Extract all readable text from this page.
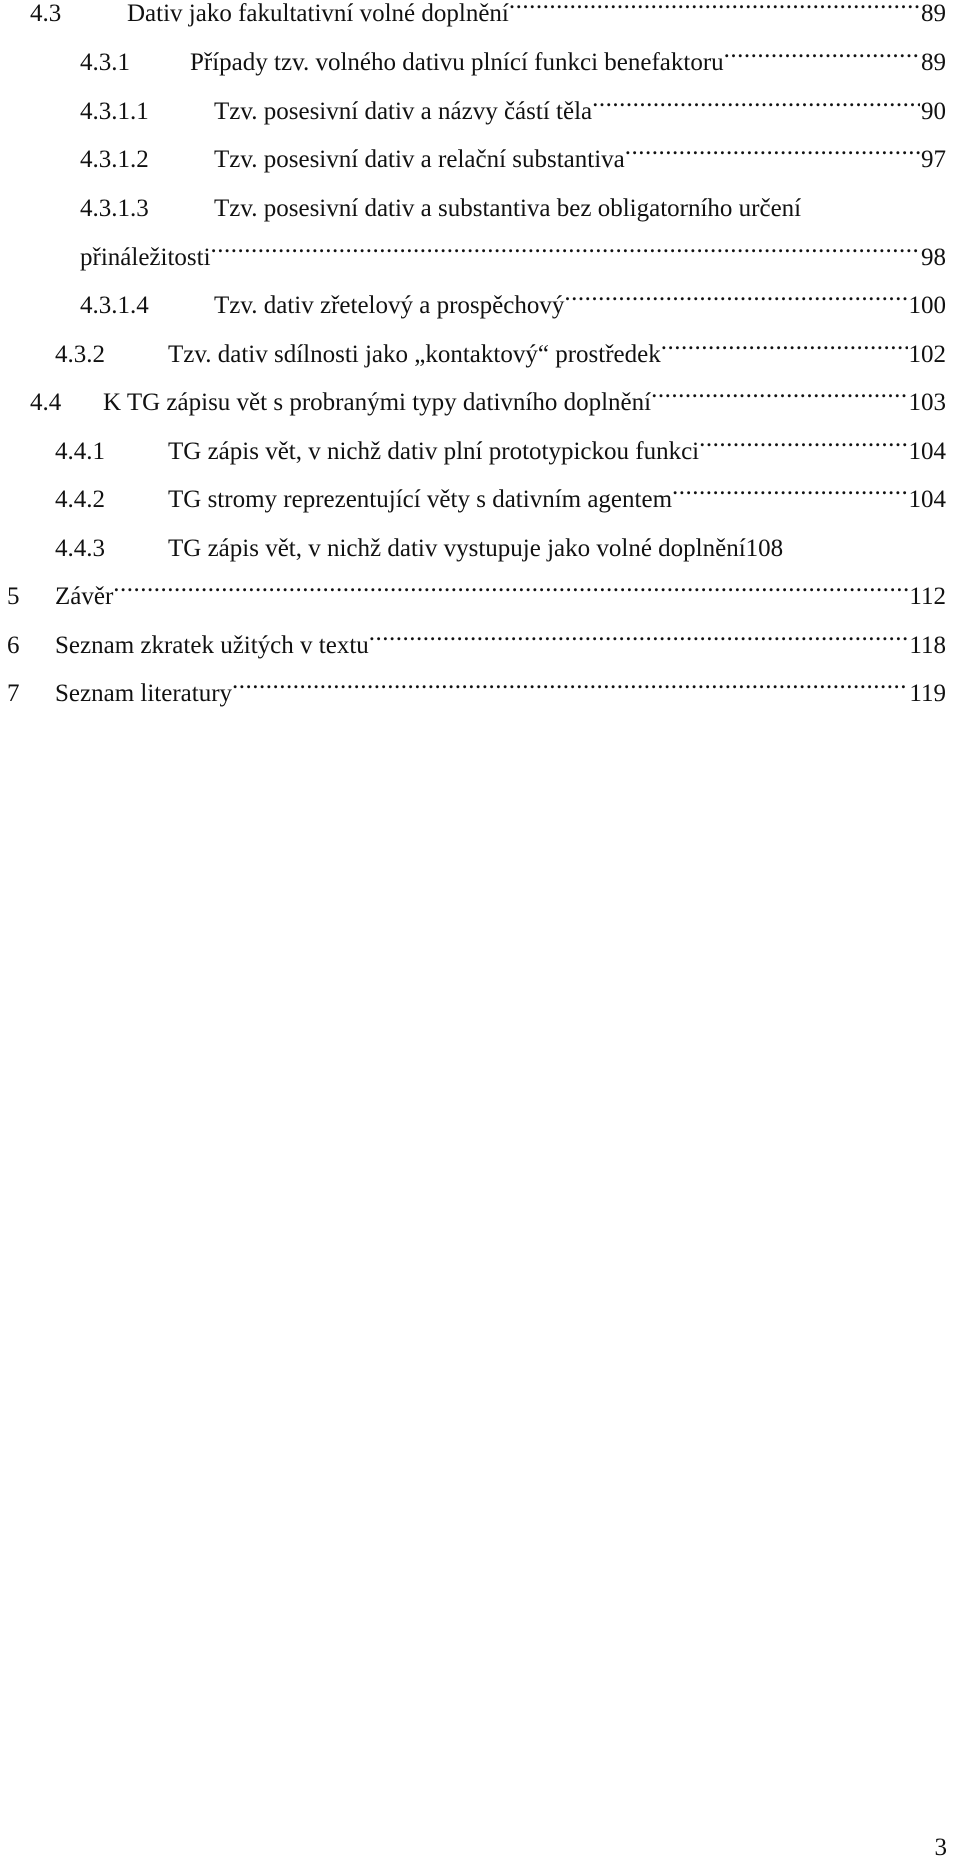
4.3	Dativ jako fakultativní volné doplnění .....	89
4.3.1	Případy tzv. volného dativu plnící funkci benefaktoru .....	89
4.3.1.1	Tzv. posesivní dativ a názvy částí těla .....	90
4.3.1.2	Tzv. posesivní dativ a relační substantiva .....	97
4.3.1.3	Tzv. posesivní dativ a substantiva bez obligatorního určení
přináležitosti .....	98
4.3.1.4	Tzv. dativ zřetelový a prospěchový .....	100
4.3.2	Tzv. dativ sdílnosti jako „kontaktový“ prostředek .....	102
4.4	K TG zápisu vět s probranými typy dativního doplnění .....	103
4.4.1	TG zápis vět, v nichž dativ plní prototypickou funkci .....	104
4.4.2	TG stromy reprezentující věty s dativním agentem .....	104
4.4.3	TG zápis vět, v nichž dativ vystupuje jako volné doplnění 108
5	Závěr .....	112
6	Seznam zkratek užitých v textu .....	118
7	Seznam literatury .....	119
3
